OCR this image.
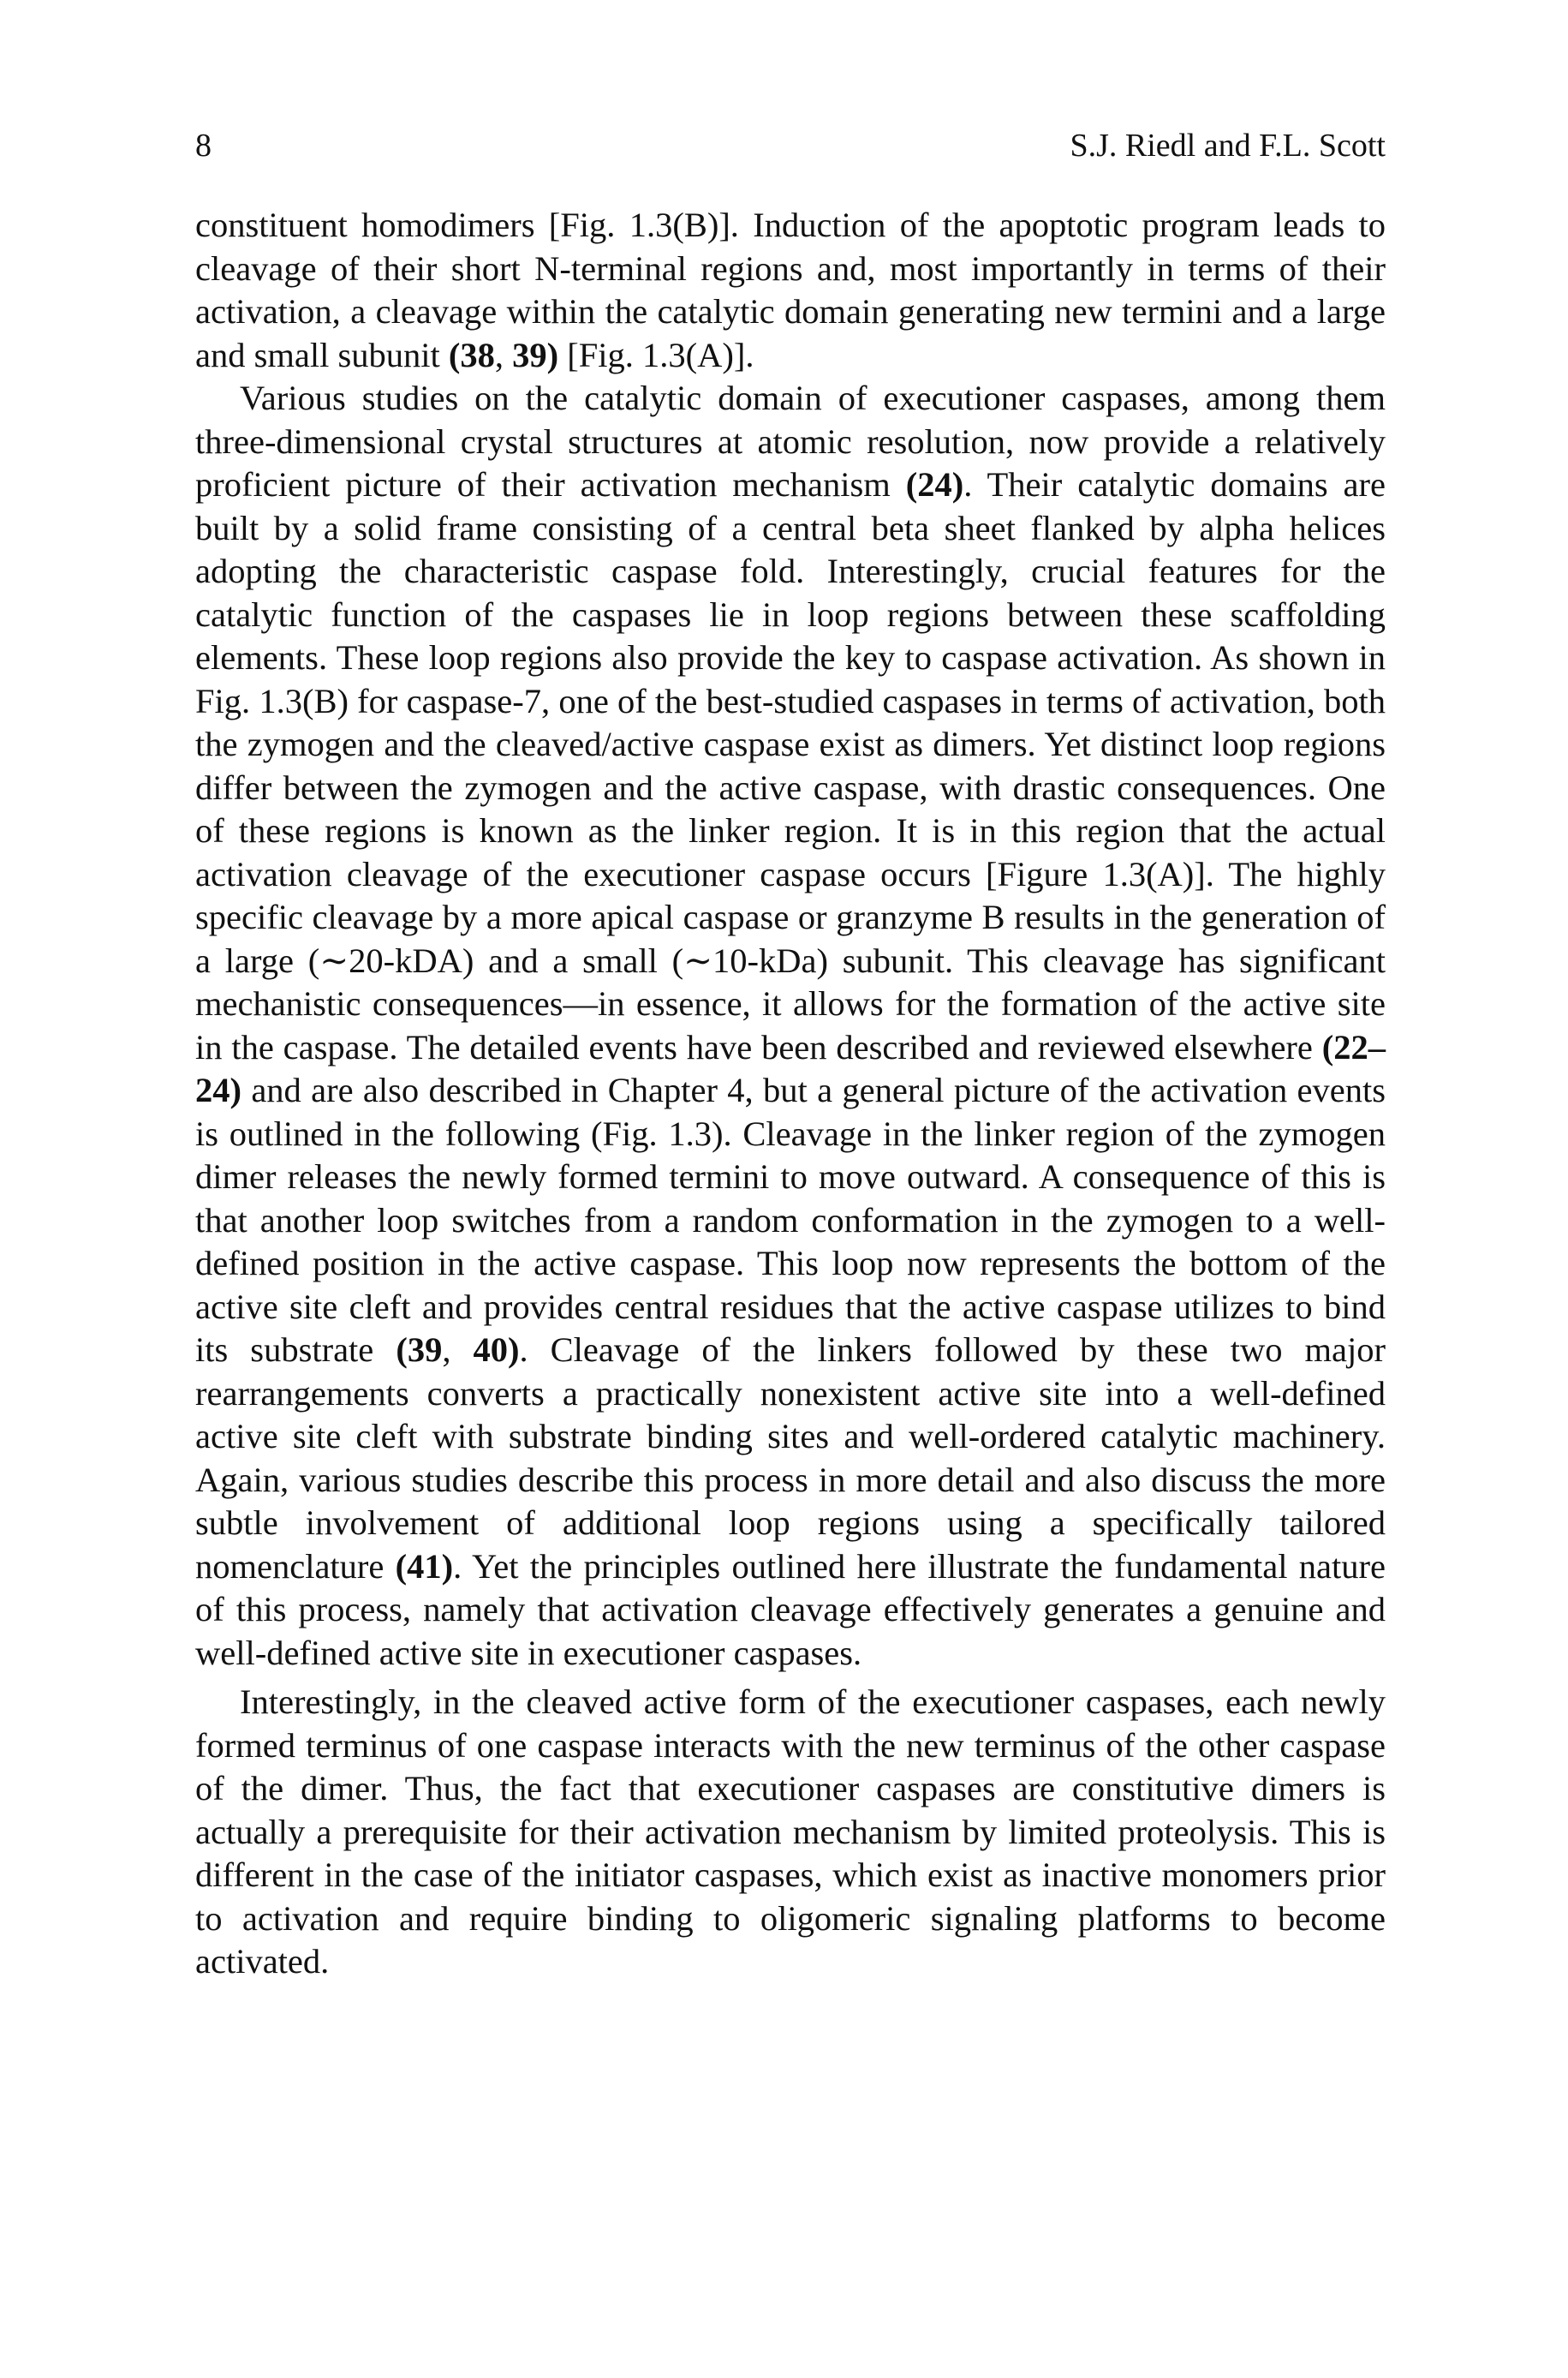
8	S.J. Riedl and F.L. Scott

constituent homodimers [Fig. 1.3(B)]. Induction of the apoptotic program leads to cleavage of their short N-terminal regions and, most importantly in terms of their activation, a cleavage within the catalytic domain generating new termini and a large and small subunit (38, 39) [Fig. 1.3(A)].

Various studies on the catalytic domain of executioner caspases, among them three-dimensional crystal structures at atomic resolution, now provide a relatively proficient picture of their activation mechanism (24). Their catalytic domains are built by a solid frame consisting of a central beta sheet flanked by alpha helices adopting the characteristic caspase fold. Interestingly, crucial features for the catalytic function of the caspases lie in loop regions between these scaffolding elements. These loop regions also provide the key to caspase activation. As shown in Fig. 1.3(B) for caspase-7, one of the best-studied caspases in terms of activation, both the zymogen and the cleaved/active caspase exist as dimers. Yet distinct loop regions differ between the zymogen and the active caspase, with drastic consequences. One of these regions is known as the linker region. It is in this region that the actual activation cleavage of the executioner caspase occurs [Figure 1.3(A)]. The highly specific cleavage by a more apical caspase or granzyme B results in the generation of a large (∼20-kDA) and a small (∼10-kDa) subunit. This cleavage has significant mechanistic consequences—in essence, it allows for the formation of the active site in the caspase. The detailed events have been described and reviewed elsewhere (22–24) and are also described in Chapter 4, but a general picture of the activation events is outlined in the following (Fig. 1.3). Cleavage in the linker region of the zymogen dimer releases the newly formed termini to move outward. A consequence of this is that another loop switches from a random conformation in the zymogen to a well-defined position in the active caspase. This loop now represents the bottom of the active site cleft and provides central residues that the active caspase utilizes to bind its substrate (39, 40). Cleavage of the linkers followed by these two major rearrangements converts a practically nonexistent active site into a well-defined active site cleft with substrate binding sites and well-ordered catalytic machinery. Again, various studies describe this process in more detail and also discuss the more subtle involvement of additional loop regions using a specifically tailored nomenclature (41). Yet the principles outlined here illustrate the fundamental nature of this process, namely that activation cleavage effectively generates a genuine and well-defined active site in executioner caspases.

Interestingly, in the cleaved active form of the executioner caspases, each newly formed terminus of one caspase interacts with the new terminus of the other caspase of the dimer. Thus, the fact that executioner caspases are constitutive dimers is actually a prerequisite for their activation mechanism by limited proteolysis. This is different in the case of the initiator caspases, which exist as inactive monomers prior to activation and require binding to oligomeric signaling platforms to become activated.
